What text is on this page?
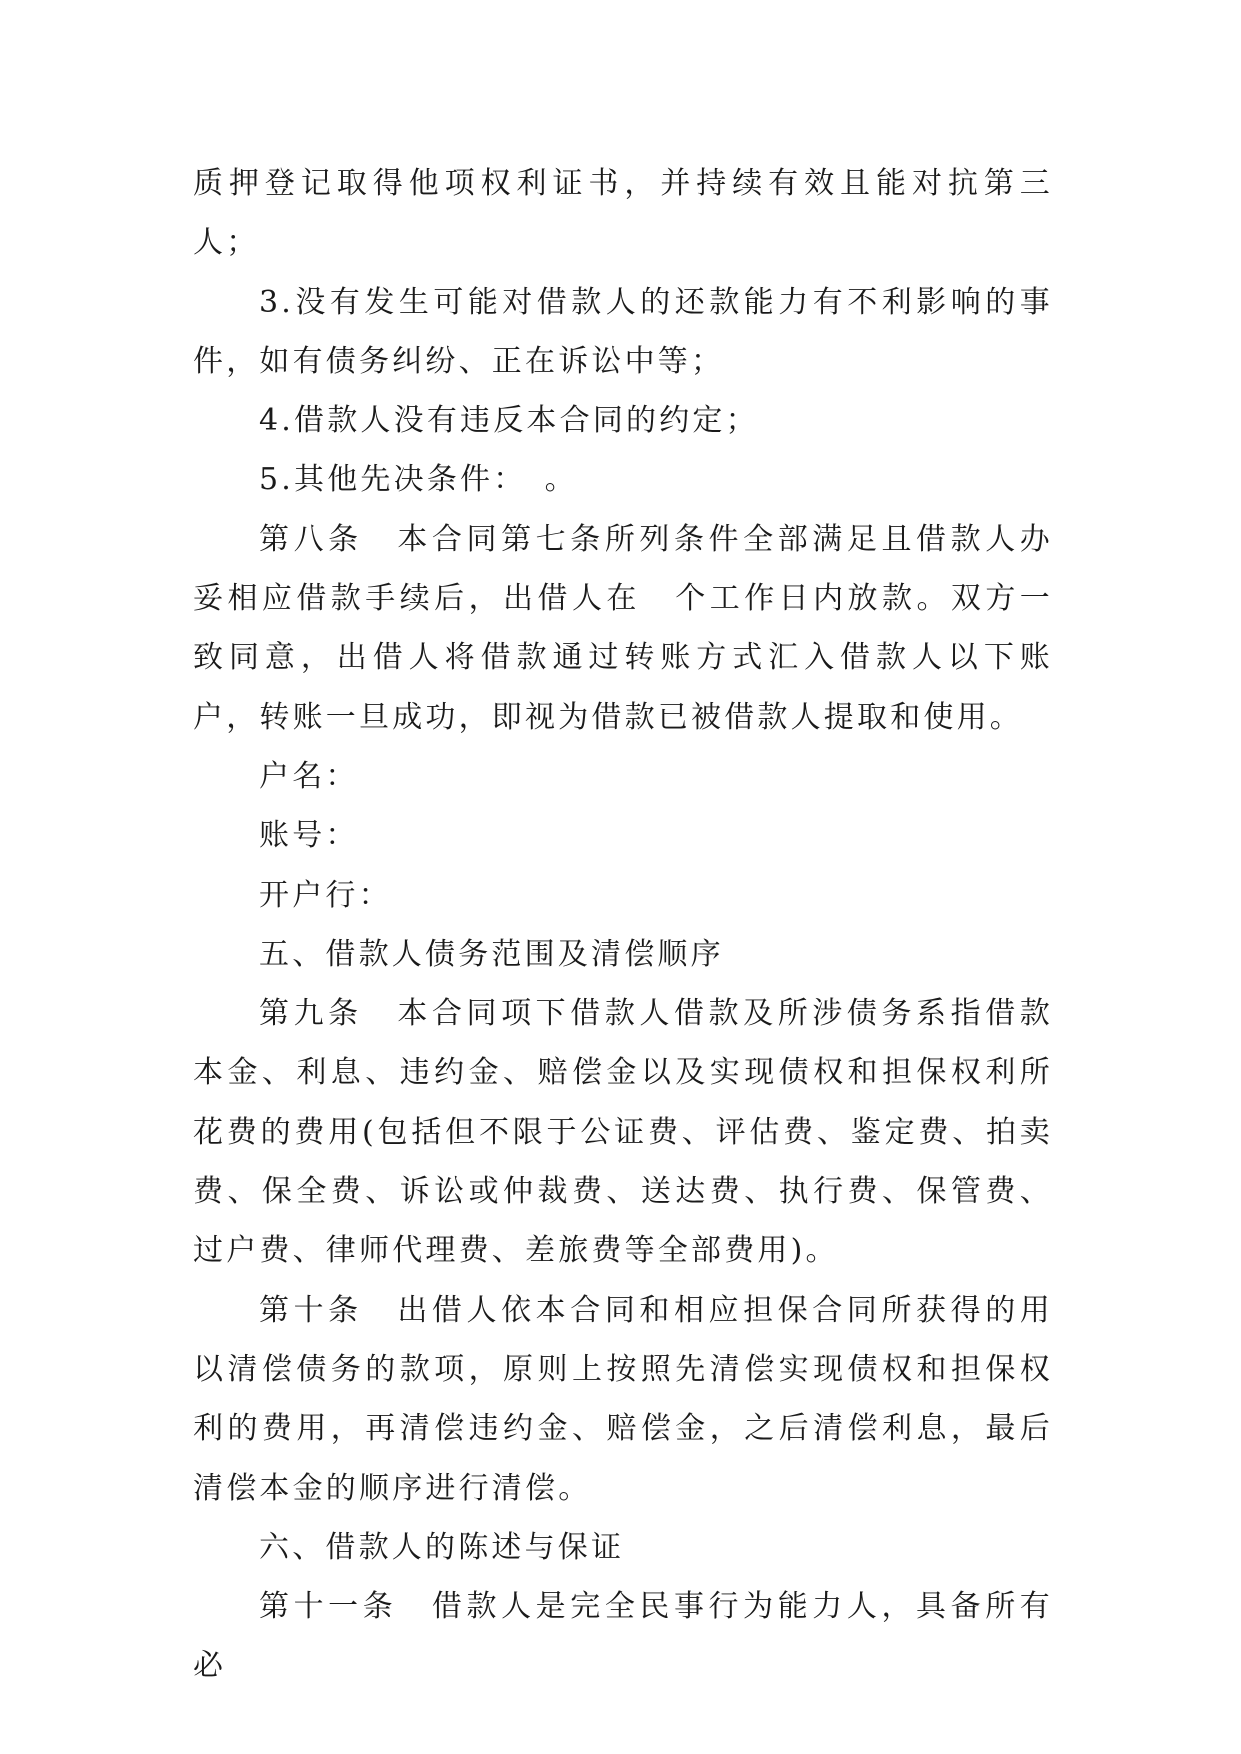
质押登记取得他项权利证书，并持续有效且能对抗第三人；

3.没有发生可能对借款人的还款能力有不利影响的事件，如有债务纠纷、正在诉讼中等；

4.借款人没有违反本合同的约定；

5.其他先决条件：　。

第八条　本合同第七条所列条件全部满足且借款人办妥相应借款手续后，出借人在　个工作日内放款。双方一致同意，出借人将借款通过转账方式汇入借款人以下账户，转账一旦成功，即视为借款已被借款人提取和使用。

户名：

账号：

开户行：

五、借款人债务范围及清偿顺序

第九条　本合同项下借款人借款及所涉债务系指借款本金、利息、违约金、赔偿金以及实现债权和担保权利所花费的费用(包括但不限于公证费、评估费、鉴定费、拍卖费、保全费、诉讼或仲裁费、送达费、执行费、保管费、过户费、律师代理费、差旅费等全部费用)。

第十条　出借人依本合同和相应担保合同所获得的用以清偿债务的款项，原则上按照先清偿实现债权和担保权利的费用，再清偿违约金、赔偿金，之后清偿利息，最后清偿本金的顺序进行清偿。

六、借款人的陈述与保证

第十一条　借款人是完全民事行为能力人，具备所有必
